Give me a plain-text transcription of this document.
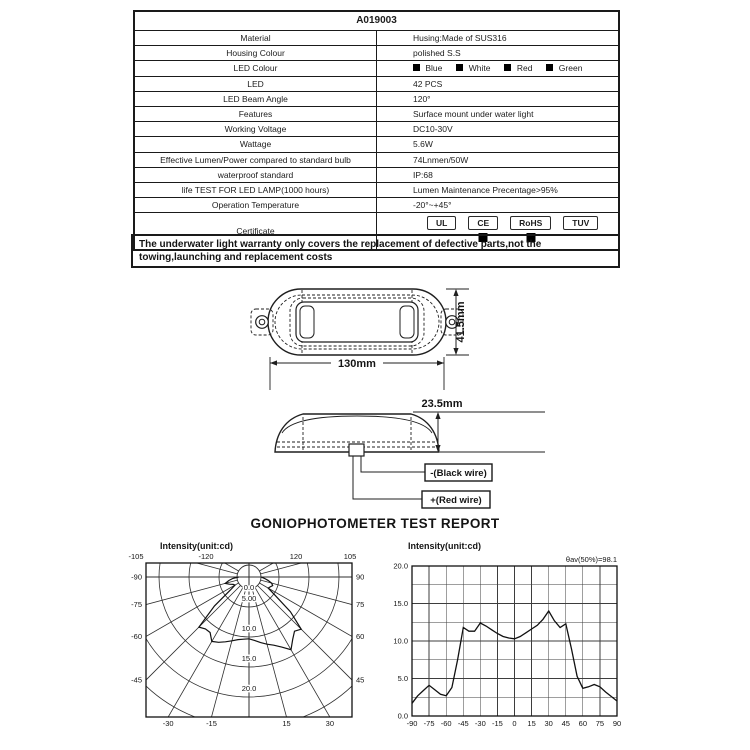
A019003	
Material	Husing:Made of SUS316
Housing Colour	polished S.S
LED Colour	Blue White Red Green
LED	42 PCS
LED Beam Angle	120°
Features	Surface mount under water light
Working Voltage	DC10-30V
Wattage	5.6W
Effective Lumen/Power compared to standard bulb	74Lnmen/50W
waterproof standard	IP:68
life TEST FOR LED LAMP(1000 hours)	Lumen Maintenance Precentage>95%
Operation Temperature	-20°~+45°
Certificate	UL CE RoHS TUV
The underwater light warranty only covers the replacement of defective parts,not the towing,launching and replacement costs
130mm
41.5mm
23.5mm
-(Black wire)
+(Red wire)
GONIOPHOTOMETER TEST REPORT
-105	-120	120	105
-90
-75
-60
-45
90
75
60
45
-30	-15	15	30
0.0
5.00
10.0
15.0
20.0
Intensity(unit:cd)
20.0
15.0
10.0
5.0
0.0
-90 -75 -60 -45 -30 -15 0 15 30 45 60 75 90
Intensity(unit:cd)
θav(50%)=98.1
